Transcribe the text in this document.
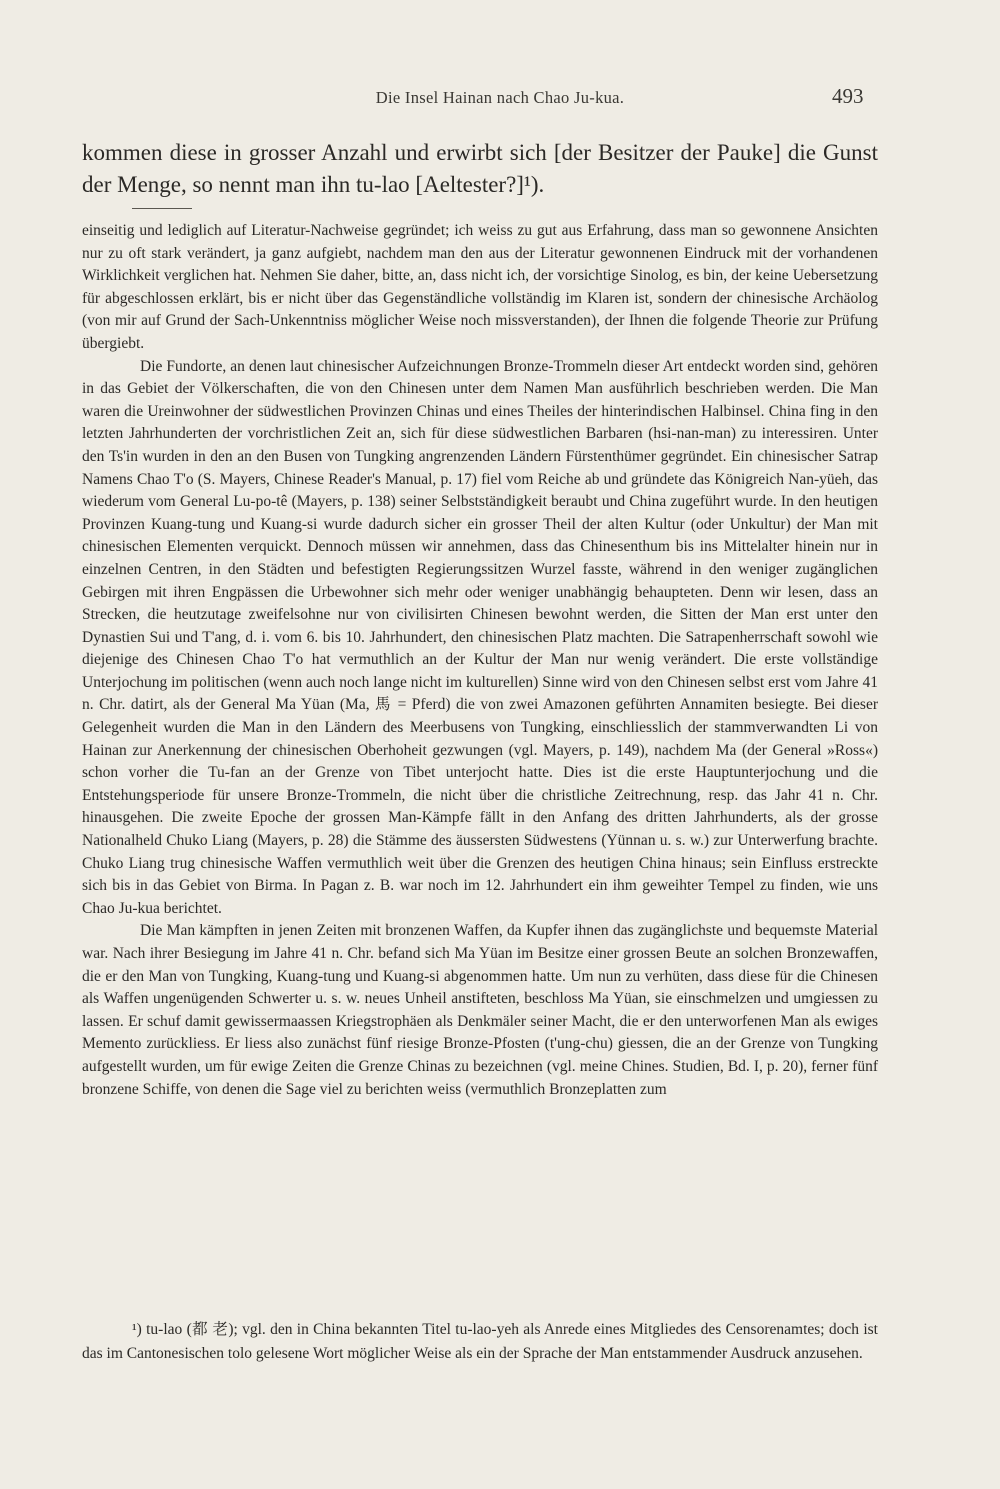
Die Insel Hainan nach Chao Ju-kua.	493

kommen diese in grosser Anzahl und erwirbt sich [der Besitzer der Pauke] die Gunst der Menge, so nennt man ihn tu-lao [Aeltester?]¹).

einseitig und lediglich auf Literatur-Nachweise gegründet; ich weiss zu gut aus Erfahrung, dass man so gewonnene Ansichten nur zu oft stark verändert, ja ganz aufgiebt, nachdem man den aus der Literatur gewonnenen Eindruck mit der vorhandenen Wirklichkeit verglichen hat. Nehmen Sie daher, bitte, an, dass nicht ich, der vorsichtige Sinolog, es bin, der keine Uebersetzung für abgeschlossen erklärt, bis er nicht über das Gegenständliche vollständig im Klaren ist, sondern der chinesische Archäolog (von mir auf Grund der Sach-Unkenntniss möglicher Weise noch missverstanden), der Ihnen die folgende Theorie zur Prüfung übergiebt.

Die Fundorte, an denen laut chinesischer Aufzeichnungen Bronze-Trommeln dieser Art entdeckt worden sind, gehören in das Gebiet der Völkerschaften, die von den Chinesen unter dem Namen Man ausführlich beschrieben werden. Die Man waren die Ureinwohner der südwestlichen Provinzen Chinas und eines Theiles der hinterindischen Halbinsel. China fing in den letzten Jahrhunderten der vorchristlichen Zeit an, sich für diese südwestlichen Barbaren (hsi-nan-man) zu interessiren. Unter den Ts'in wurden in den an den Busen von Tungking angrenzenden Ländern Fürstenthümer gegründet. Ein chinesischer Satrap Namens Chao T'o (S. Mayers, Chinese Reader's Manual, p. 17) fiel vom Reiche ab und gründete das Königreich Nan-yüeh, das wiederum vom General Lu-po-tê (Mayers, p. 138) seiner Selbstständigkeit beraubt und China zugeführt wurde. In den heutigen Provinzen Kuang-tung und Kuang-si wurde dadurch sicher ein grosser Theil der alten Kultur (oder Unkultur) der Man mit chinesischen Elementen verquickt. Dennoch müssen wir annehmen, dass das Chinesenthum bis ins Mittelalter hinein nur in einzelnen Centren, in den Städten und befestigten Regierungssitzen Wurzel fasste, während in den weniger zugänglichen Gebirgen mit ihren Engpässen die Urbewohner sich mehr oder weniger unabhängig behaupteten. Denn wir lesen, dass an Strecken, die heutzutage zweifelsohne nur von civilisirten Chinesen bewohnt werden, die Sitten der Man erst unter den Dynastien Sui und T'ang, d. i. vom 6. bis 10. Jahrhundert, den chinesischen Platz machten. Die Satrapenherrschaft sowohl wie diejenige des Chinesen Chao T'o hat vermuthlich an der Kultur der Man nur wenig verändert. Die erste vollständige Unterjochung im politischen (wenn auch noch lange nicht im kulturellen) Sinne wird von den Chinesen selbst erst vom Jahre 41 n. Chr. datirt, als der General Ma Yüan (Ma, 馬 = Pferd) die von zwei Amazonen geführten Annamiten besiegte. Bei dieser Gelegenheit wurden die Man in den Ländern des Meerbusens von Tungking, einschliesslich der stammverwandten Li von Hainan zur Anerkennung der chinesischen Oberhoheit gezwungen (vgl. Mayers, p. 149), nachdem Ma (der General »Ross«) schon vorher die Tu-fan an der Grenze von Tibet unterjocht hatte. Dies ist die erste Hauptunterjochung und die Entstehungsperiode für unsere Bronze-Trommeln, die nicht über die christliche Zeitrechnung, resp. das Jahr 41 n. Chr. hinausgehen. Die zweite Epoche der grossen Man-Kämpfe fällt in den Anfang des dritten Jahrhunderts, als der grosse Nationalheld Chuko Liang (Mayers, p. 28) die Stämme des äussersten Südwestens (Yünnan u. s. w.) zur Unterwerfung brachte. Chuko Liang trug chinesische Waffen vermuthlich weit über die Grenzen des heutigen China hinaus; sein Einfluss erstreckte sich bis in das Gebiet von Birma. In Pagan z. B. war noch im 12. Jahrhundert ein ihm geweihter Tempel zu finden, wie uns Chao Ju-kua berichtet.

Die Man kämpften in jenen Zeiten mit bronzenen Waffen, da Kupfer ihnen das zugänglichste und bequemste Material war. Nach ihrer Besiegung im Jahre 41 n. Chr. befand sich Ma Yüan im Besitze einer grossen Beute an solchen Bronzewaffen, die er den Man von Tungking, Kuang-tung und Kuang-si abgenommen hatte. Um nun zu verhüten, dass diese für die Chinesen als Waffen ungenügenden Schwerter u. s. w. neues Unheil anstifteten, beschloss Ma Yüan, sie einschmelzen und umgiessen zu lassen. Er schuf damit gewissermaassen Kriegstrophäen als Denkmäler seiner Macht, die er den unterworfenen Man als ewiges Memento zurückliess. Er liess also zunächst fünf riesige Bronze-Pfosten (t'ung-chu) giessen, die an der Grenze von Tungking aufgestellt wurden, um für ewige Zeiten die Grenze Chinas zu bezeichnen (vgl. meine Chines. Studien, Bd. I, p. 20), ferner fünf bronzene Schiffe, von denen die Sage viel zu berichten weiss (vermuthlich Bronzeplatten zum

¹) tu-lao (都 老); vgl. den in China bekannten Titel tu-lao-yeh als Anrede eines Mitgliedes des Censorenamtes; doch ist das im Cantonesischen tolo gelesene Wort möglicher Weise als ein der Sprache der Man entstammender Ausdruck anzusehen.
